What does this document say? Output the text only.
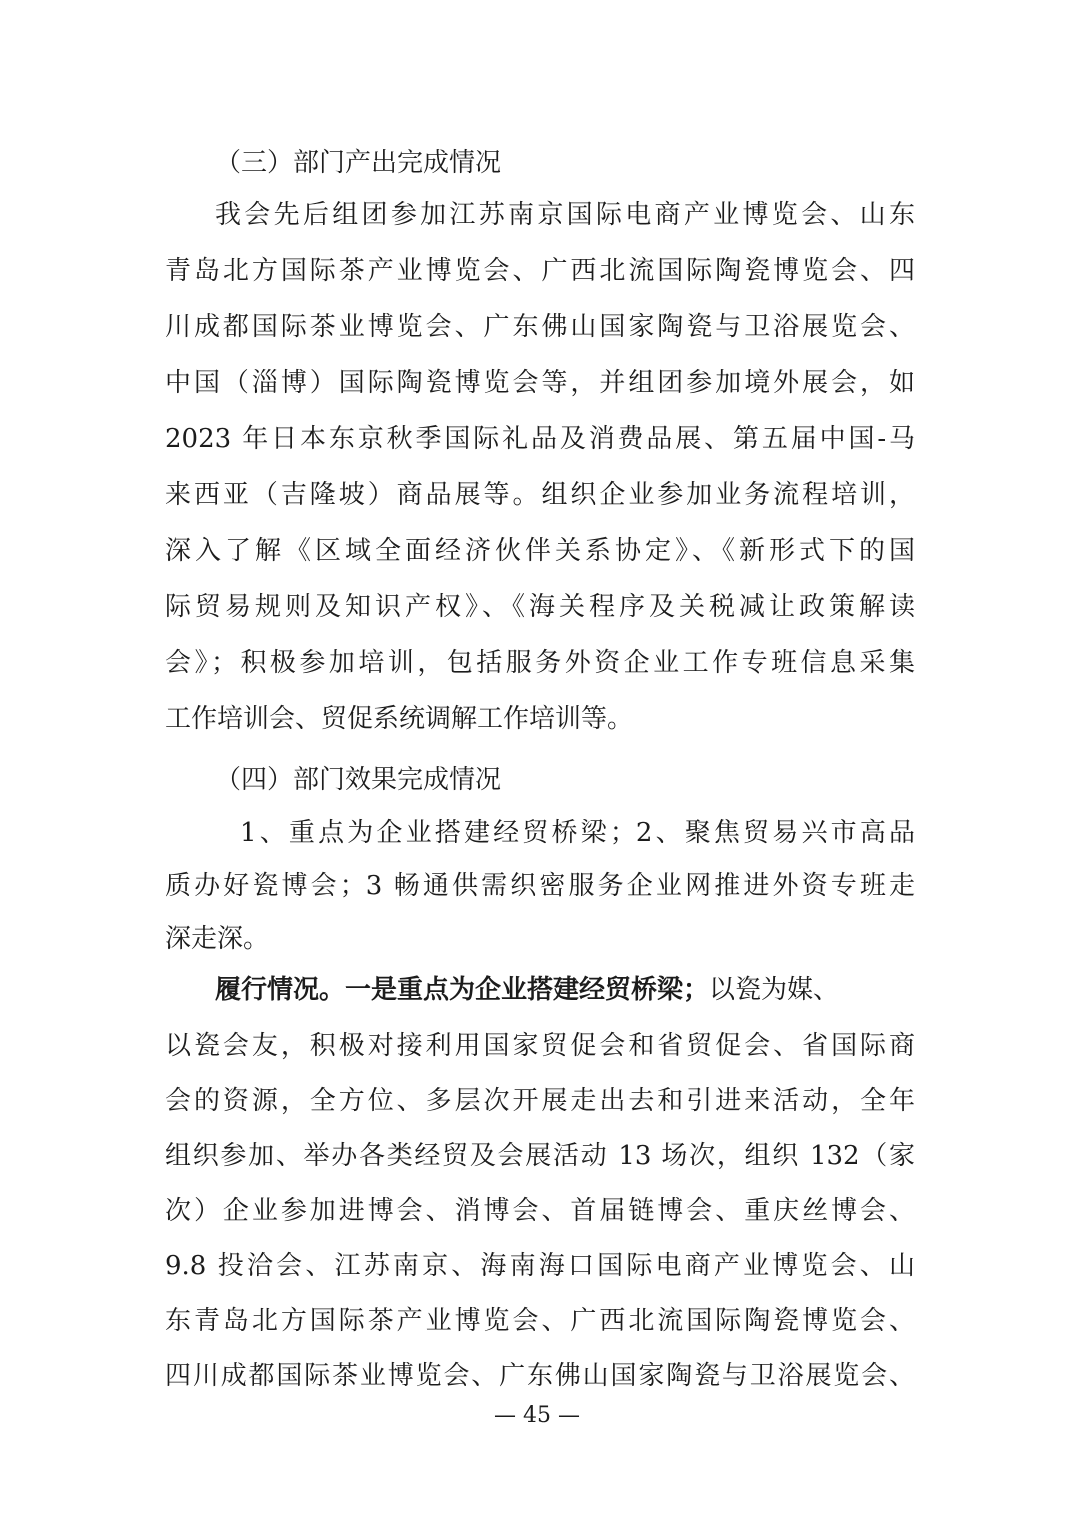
（三）部门产出完成情况
我会先后组团参加江苏南京国际电商产业博览会、山东
青岛北方国际茶产业博览会、广西北流国际陶瓷博览会、四
川成都国际茶业博览会、广东佛山国家陶瓷与卫浴展览会、
中国（淄博）国际陶瓷博览会等，并组团参加境外展会，如
2023 年日本东京秋季国际礼品及消费品展、第五届中国-马
来西亚（吉隆坡）商品展等。组织企业参加业务流程培训，
深入了解《区域全面经济伙伴关系协定》、《新形式下的国
际贸易规则及知识产权》、《海关程序及关税减让政策解读
会》；积极参加培训，包括服务外资企业工作专班信息采集
工作培训会、贸促系统调解工作培训等。
（四）部门效果完成情况
1、重点为企业搭建经贸桥梁；2、聚焦贸易兴市高品
质办好瓷博会；3 畅通供需织密服务企业网推进外资专班走
深走深。
履行情况。一是重点为企业搭建经贸桥梁；以瓷为媒、
以瓷会友，积极对接利用国家贸促会和省贸促会、省国际商
会的资源，全方位、多层次开展走出去和引进来活动，全年
组织参加、举办各类经贸及会展活动 13 场次，组织 132（家
次）企业参加进博会、消博会、首届链博会、重庆丝博会、
9.8 投洽会、江苏南京、海南海口国际电商产业博览会、山
东青岛北方国际茶产业博览会、广西北流国际陶瓷博览会、
四川成都国际茶业博览会、广东佛山国家陶瓷与卫浴展览会、
— 45 —
